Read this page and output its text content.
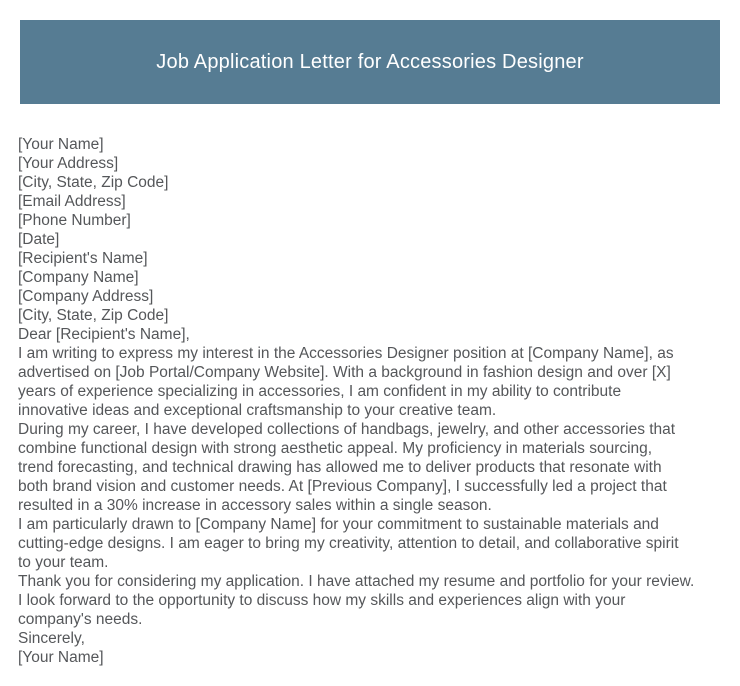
Job Application Letter for Accessories Designer
[Your Name]
[Your Address]
[City, State, Zip Code]
[Email Address]
[Phone Number]
[Date]
[Recipient's Name]
[Company Name]
[Company Address]
[City, State, Zip Code]
Dear [Recipient's Name],
I am writing to express my interest in the Accessories Designer position at [Company Name], as
advertised on [Job Portal/Company Website]. With a background in fashion design and over [X]
years of experience specializing in accessories, I am confident in my ability to contribute
innovative ideas and exceptional craftsmanship to your creative team.
During my career, I have developed collections of handbags, jewelry, and other accessories that
combine functional design with strong aesthetic appeal. My proficiency in materials sourcing,
trend forecasting, and technical drawing has allowed me to deliver products that resonate with
both brand vision and customer needs. At [Previous Company], I successfully led a project that
resulted in a 30% increase in accessory sales within a single season.
I am particularly drawn to [Company Name] for your commitment to sustainable materials and
cutting-edge designs. I am eager to bring my creativity, attention to detail, and collaborative spirit
to your team.
Thank you for considering my application. I have attached my resume and portfolio for your review.
I look forward to the opportunity to discuss how my skills and experiences align with your
company's needs.
Sincerely,
[Your Name]
